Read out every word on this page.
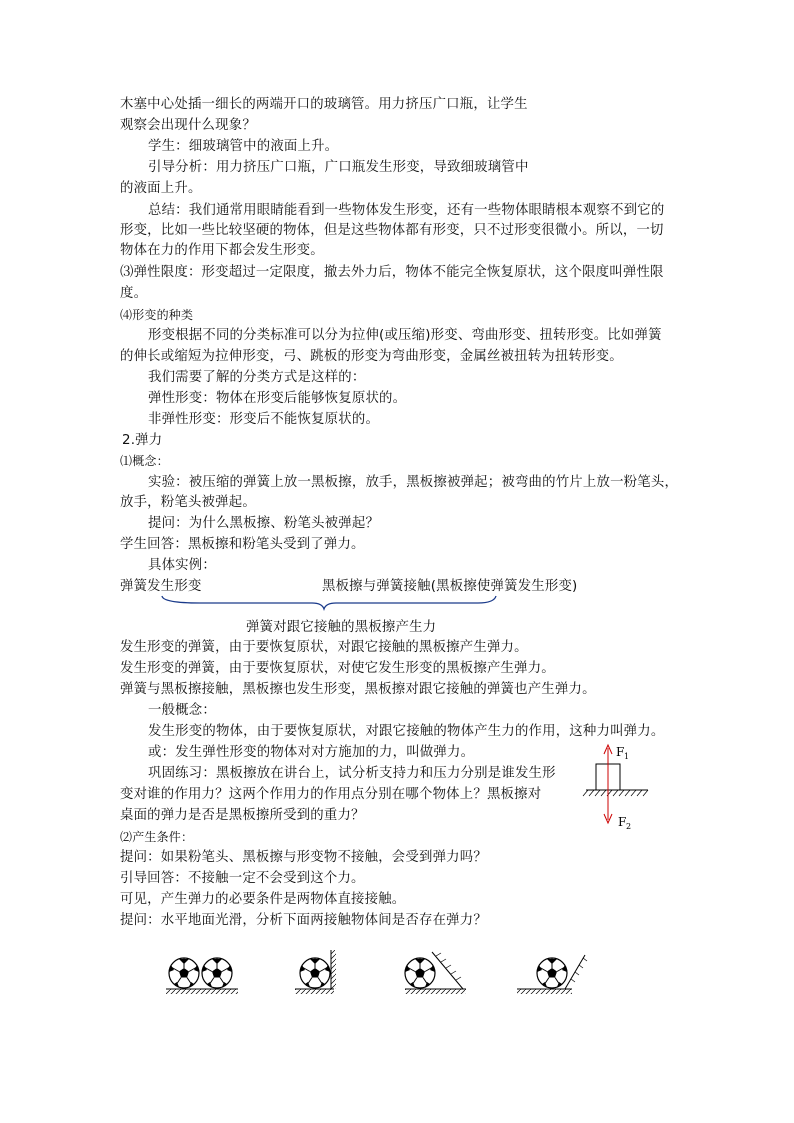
木塞中心处插一细长的两端开口的玻璃管。用力挤压广口瓶，让学生
观察会出现什么现象？
学生：细玻璃管中的液面上升。
引导分析：用力挤压广口瓶，广口瓶发生形变，导致细玻璃管中
的液面上升。
总结：我们通常用眼睛能看到一些物体发生形变，还有一些物体眼睛根本观察不到它的
形变，比如一些比较坚硬的物体，但是这些物体都有形变，只不过形变很微小。所以，一切
物体在力的作用下都会发生形变。
⑶弹性限度：形变超过一定限度，撤去外力后，物体不能完全恢复原状，这个限度叫弹性限
度。
⑷形变的种类
形变根据不同的分类标准可以分为拉伸(或压缩)形变、弯曲形变、扭转形变。比如弹簧
的伸长或缩短为拉伸形变，弓、跳板的形变为弯曲形变，金属丝被扭转为扭转形变。
我们需要了解的分类方式是这样的：
弹性形变：物体在形变后能够恢复原状的。
非弹性形变：形变后不能恢复原状的。
2.弹力
⑴概念：
实验：被压缩的弹簧上放一黑板擦，放手，黑板擦被弹起；被弯曲的竹片上放一粉笔头，
放手，粉笔头被弹起。
提问：为什么黑板擦、粉笔头被弹起？
学生回答：黑板擦和粉笔头受到了弹力。
具体实例：
弹簧发生形变	黑板擦与弹簧接触(黑板擦使弹簧发生形变)
弹簧对跟它接触的黑板擦产生力
发生形变的弹簧，由于要恢复原状，对跟它接触的黑板擦产生弹力。
发生形变的弹簧，由于要恢复原状，对使它发生形变的黑板擦产生弹力。
弹簧与黑板擦接触，黑板擦也发生形变，黑板擦对跟它接触的弹簧也产生弹力。
一般概念：
发生形变的物体，由于要恢复原状，对跟它接触的物体产生力的作用，这种力叫弹力。
或：发生弹性形变的物体对对方施加的力，叫做弹力。
巩固练习：黑板擦放在讲台上，试分析支持力和压力分别是谁发生形
变对谁的作用力？这两个作用力的作用点分别在哪个物体上？黑板擦对
桌面的弹力是否是黑板擦所受到的重力？
⑵产生条件：
提问：如果粉笔头、黑板擦与形变物不接触，会受到弹力吗？
引导回答：不接触一定不会受到这个力。
可见，产生弹力的必要条件是两物体直接接触。
提问：水平地面光滑，分析下面两接触物体间是否存在弹力？
F 1
F 2
